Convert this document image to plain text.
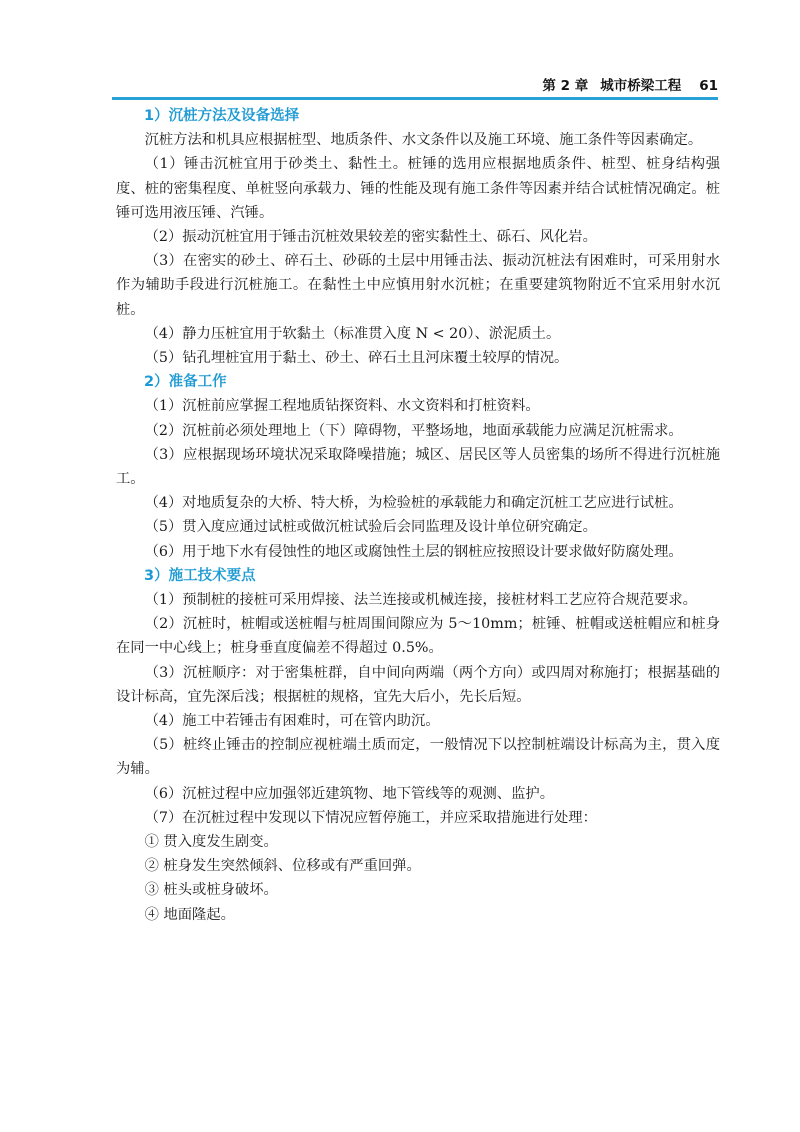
第 2 章 城市桥梁工程 61
1）沉桩方法及设备选择
沉桩方法和机具应根据桩型、地质条件、水文条件以及施工环境、施工条件等因素确定。
（1）锤击沉桩宜用于砂类土、黏性土。桩锤的选用应根据地质条件、桩型、桩身结构强度、桩的密集程度、单桩竖向承载力、锤的性能及现有施工条件等因素并结合试桩情况确定。桩锤可选用液压锤、汽锤。
（2）振动沉桩宜用于锤击沉桩效果较差的密实黏性土、砾石、风化岩。
（3）在密实的砂土、碎石土、砂砾的土层中用锤击法、振动沉桩法有困难时，可采用射水作为辅助手段进行沉桩施工。在黏性土中应慎用射水沉桩；在重要建筑物附近不宜采用射水沉桩。
（4）静力压桩宜用于软黏土（标准贯入度 N < 20）、淤泥质土。
（5）钻孔埋桩宜用于黏土、砂土、碎石土且河床覆土较厚的情况。
2）准备工作
（1）沉桩前应掌握工程地质钻探资料、水文资料和打桩资料。
（2）沉桩前必须处理地上（下）障碍物，平整场地，地面承载能力应满足沉桩需求。
（3）应根据现场环境状况采取降噪措施；城区、居民区等人员密集的场所不得进行沉桩施工。
（4）对地质复杂的大桥、特大桥，为检验桩的承载能力和确定沉桩工艺应进行试桩。
（5）贯入度应通过试桩或做沉桩试验后会同监理及设计单位研究确定。
（6）用于地下水有侵蚀性的地区或腐蚀性土层的钢桩应按照设计要求做好防腐处理。
3）施工技术要点
（1）预制桩的接桩可采用焊接、法兰连接或机械连接，接桩材料工艺应符合规范要求。
（2）沉桩时，桩帽或送桩帽与桩周围间隙应为 5～10mm；桩锤、桩帽或送桩帽应和桩身在同一中心线上；桩身垂直度偏差不得超过 0.5%。
（3）沉桩顺序：对于密集桩群，自中间向两端（两个方向）或四周对称施打；根据基础的设计标高，宜先深后浅；根据桩的规格，宜先大后小，先长后短。
（4）施工中若锤击有困难时，可在管内助沉。
（5）桩终止锤击的控制应视桩端土质而定，一般情况下以控制桩端设计标高为主，贯入度为辅。
（6）沉桩过程中应加强邻近建筑物、地下管线等的观测、监护。
（7）在沉桩过程中发现以下情况应暂停施工，并应采取措施进行处理：
① 贯入度发生剧变。
② 桩身发生突然倾斜、位移或有严重回弹。
③ 桩头或桩身破坏。
④ 地面隆起。
